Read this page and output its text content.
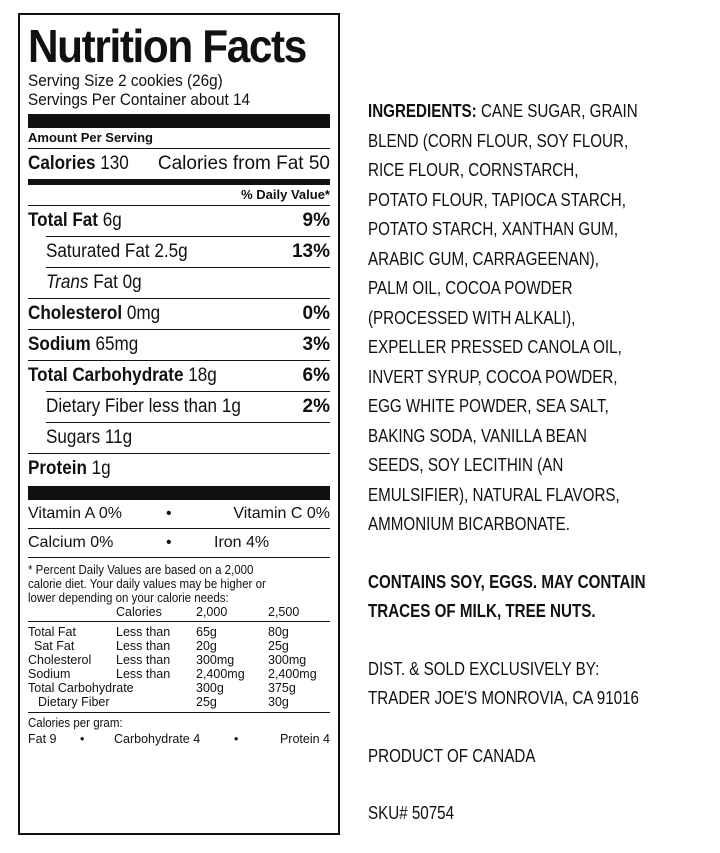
Nutrition Facts
Serving Size 2 cookies (26g)
Servings Per Container about 14
Amount Per Serving
Calories 130 Calories from Fat 50
% Daily Value*
Total Fat 6g	9%
Saturated Fat 2.5g	13%
Trans Fat 0g
Cholesterol 0mg	0%
Sodium 65mg	3%
Total Carbohydrate 18g	6%
Dietary Fiber less than 1g	2%
Sugars 11g
Protein 1g
Vitamin A 0%	•	Vitamin C 0%
Calcium 0%	•	Iron 4%
* Percent Daily Values are based on a 2,000
calorie diet. Your daily values may be higher or
lower depending on your calorie needs:
	Calories	2,000	2,500
Total Fat	Less than	65g	80g
Sat Fat	Less than	20g	25g
Cholesterol	Less than	300mg	300mg
Sodium	Less than	2,400mg	2,400mg
Total Carbohydrate		300g	375g
Dietary Fiber		25g	30g
Calories per gram:
Fat 9 • Carbohydrate 4	•	Protein 4

INGREDIENTS: CANE SUGAR, GRAIN

BLEND (CORN FLOUR, SOY FLOUR,

RICE FLOUR, CORNSTARCH,

POTATO FLOUR, TAPIOCA STARCH,

POTATO STARCH, XANTHAN GUM,

ARABIC GUM, CARRAGEENAN),

PALM OIL, COCOA POWDER

(PROCESSED WITH ALKALI),

EXPELLER PRESSED CANOLA OIL,

INVERT SYRUP, COCOA POWDER,

EGG WHITE POWDER, SEA SALT,

BAKING SODA, VANILLA BEAN

SEEDS, SOY LECITHIN (AN

EMULSIFIER), NATURAL FLAVORS,

AMMONIUM BICARBONATE.

CONTAINS SOY, EGGS. MAY CONTAIN

TRACES OF MILK, TREE NUTS.

DIST. & SOLD EXCLUSIVELY BY:

TRADER JOE'S MONROVIA, CA 91016

PRODUCT OF CANADA

SKU# 50754
